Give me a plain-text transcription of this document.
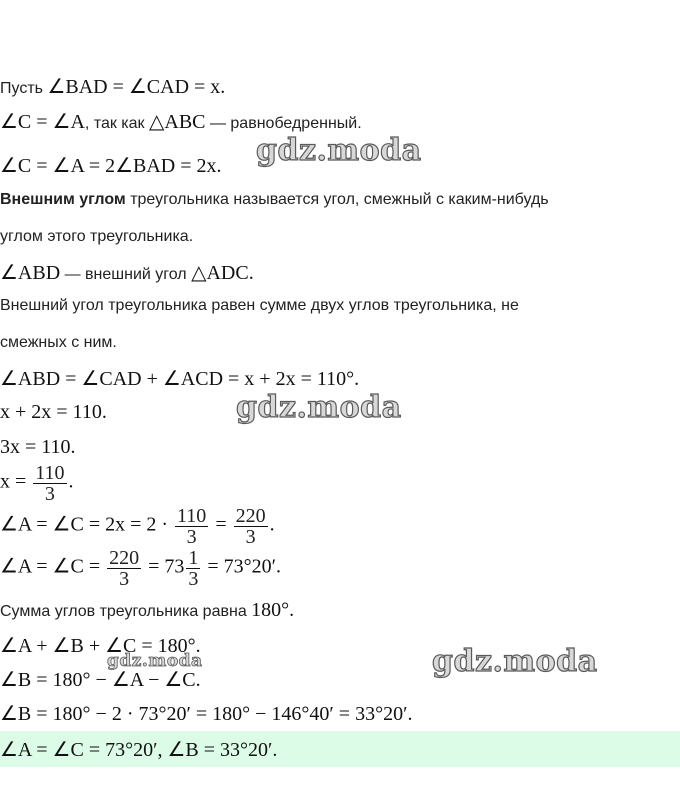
Пусть ∠BAD = ∠CAD = x.
∠C = ∠A, так как △ABC — равнобедренный.
∠C = ∠A = 2∠BAD = 2x.
Внешним углом треугольника называется угол, смежный с каким-нибудь
углом этого треугольника.
∠ABD — внешний угол △ADC.
Внешний угол треугольника равен сумме двух углов треугольника, не
смежных с ним.
∠ABD = ∠CAD + ∠ACD = x + 2x = 110°.
x + 2x = 110.
3x = 110.
$x = \frac{110}{3}$ .
∠A = ∠C = $2x = 2 \cdot \frac{110}{3} = \frac{220}{3}$ .
∠A = ∠C = $\frac{220}{3} = 73 \frac{1}{3} = 73^\circ 20'$.
Сумма углов треугольника равна 180°.
∠A + ∠B + ∠C = 180°.
∠B = 180° − ∠A − ∠C.
∠B = 180° − 2 · 73°20′ = 180° − 146°40′ = 33°20′.
∠A = ∠C = 73°20′, ∠B = 33°20′.
gdz.moda
gdz.moda
gdz.moda	gdz.moda
